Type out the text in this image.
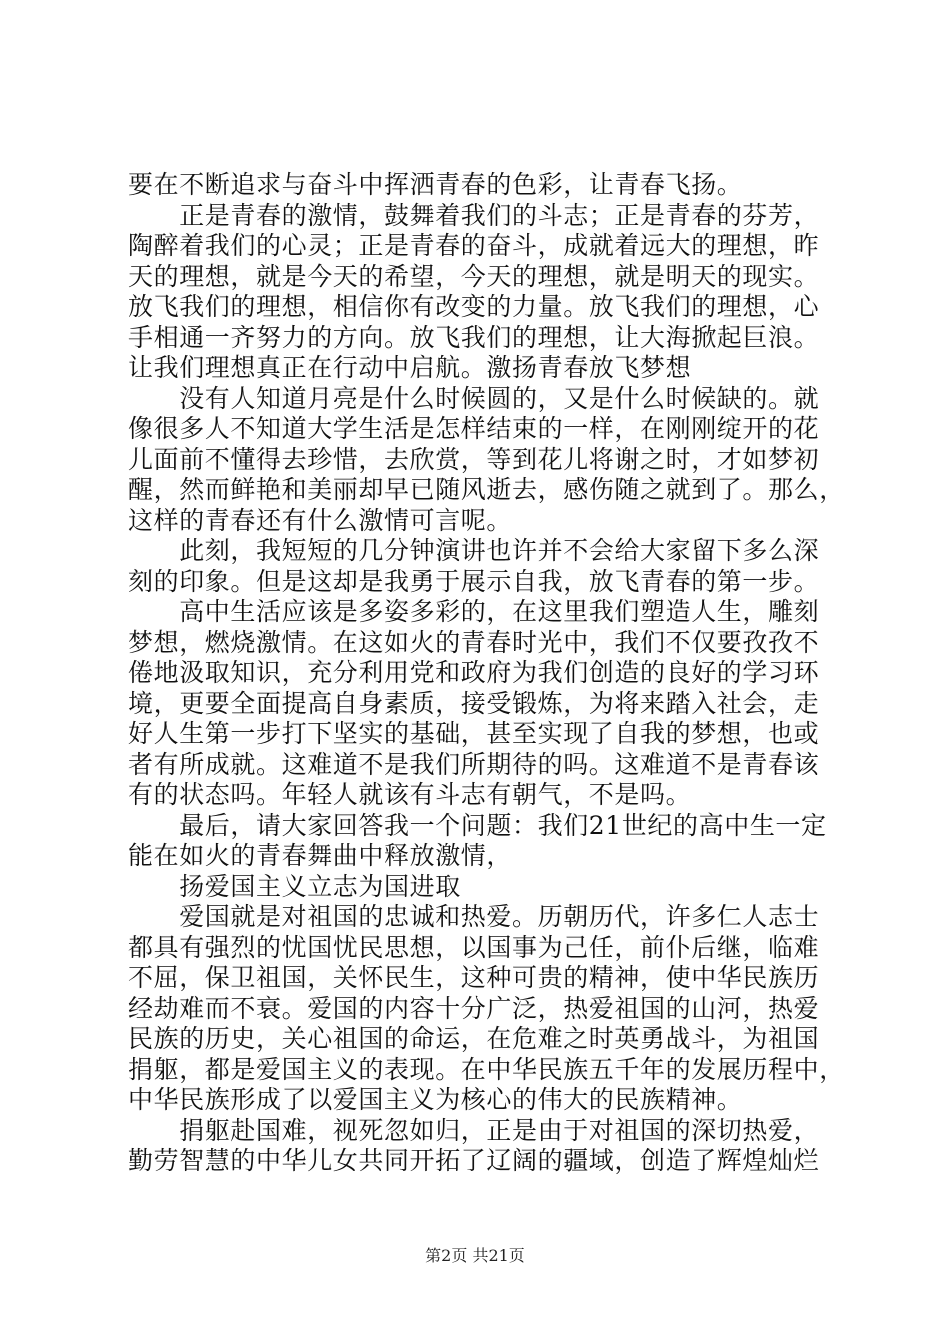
要在不断追求与奋斗中挥洒青春的色彩，让青春飞扬。

　　正是青春的激情，鼓舞着我们的斗志；正是青春的芬芳，

陶醉着我们的心灵；正是青春的奋斗，成就着远大的理想，昨

天的理想，就是今天的希望，今天的理想，就是明天的现实。

放飞我们的理想，相信你有改变的力量。放飞我们的理想，心

手相通一齐努力的方向。放飞我们的理想，让大海掀起巨浪。

让我们理想真正在行动中启航。激扬青春放飞梦想

　　没有人知道月亮是什么时候圆的，又是什么时候缺的。就

像很多人不知道大学生活是怎样结束的一样，在刚刚绽开的花

儿面前不懂得去珍惜，去欣赏，等到花儿将谢之时，才如梦初

醒，然而鲜艳和美丽却早已随风逝去，感伤随之就到了。那么，

这样的青春还有什么激情可言呢。

　　此刻，我短短的几分钟演讲也许并不会给大家留下多么深

刻的印象。但是这却是我勇于展示自我，放飞青春的第一步。

　　高中生活应该是多姿多彩的，在这里我们塑造人生，雕刻

梦想，燃烧激情。在这如火的青春时光中，我们不仅要孜孜不

倦地汲取知识，充分利用党和政府为我们创造的良好的学习环

境，更要全面提高自身素质，接受锻炼，为将来踏入社会，走

好人生第一步打下坚实的基础，甚至实现了自我的梦想，也或

者有所成就。这难道不是我们所期待的吗。这难道不是青春该

有的状态吗。年轻人就该有斗志有朝气，不是吗。

　　最后，请大家回答我一个问题：我们21世纪的高中生一定

能在如火的青春舞曲中释放激情，

　　扬爱国主义立志为国进取

　　爱国就是对祖国的忠诚和热爱。历朝历代，许多仁人志士

都具有强烈的忧国忧民思想，以国事为己任，前仆后继，临难

不屈，保卫祖国，关怀民生，这种可贵的精神，使中华民族历

经劫难而不衰。爱国的内容十分广泛，热爱祖国的山河，热爱

民族的历史，关心祖国的命运，在危难之时英勇战斗，为祖国

捐躯，都是爱国主义的表现。在中华民族五千年的发展历程中，

中华民族形成了以爱国主义为核心的伟大的民族精神。

　　捐躯赴国难，视死忽如归，正是由于对祖国的深切热爱，

勤劳智慧的中华儿女共同开拓了辽阔的疆域，创造了辉煌灿烂

第2页 共21页
